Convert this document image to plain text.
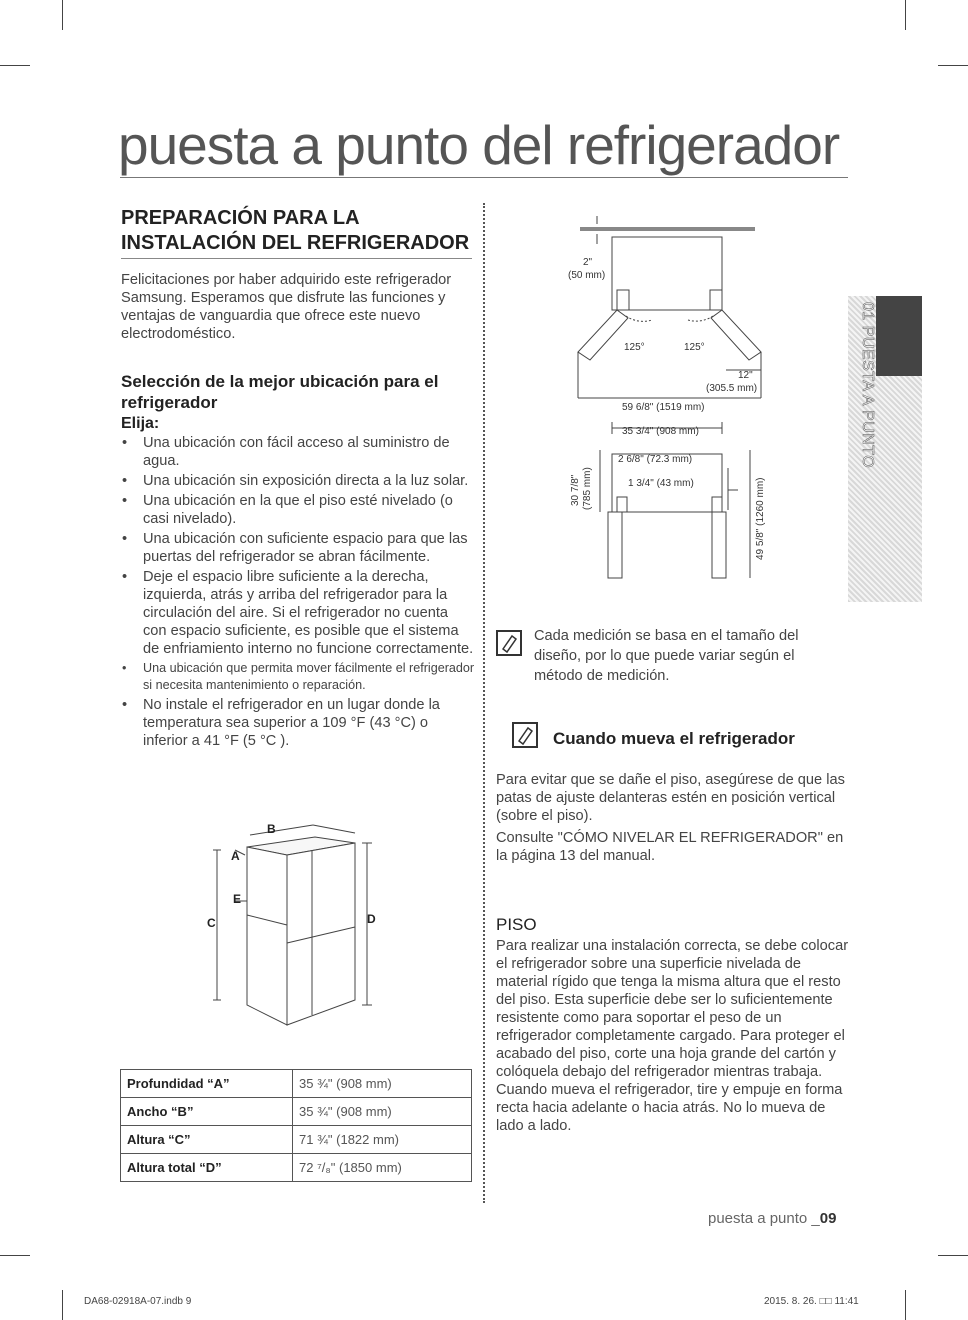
puesta a punto del refrigerador
01 PUESTA A PUNTO
PREPARACIÓN PARA LA INSTALACIÓN DEL REFRIGERADOR
Felicitaciones por haber adquirido este refrigerador Samsung. Esperamos que disfrute las funciones y ventajas de vanguardia que ofrece este nuevo electrodoméstico.
Selección de la mejor ubicación para el refrigerador
Elija:
• Una ubicación con fácil acceso al suministro de agua.
• Una ubicación sin exposición directa a la luz solar.
• Una ubicación en la que el piso esté nivelado (o casi nivelado).
• Una ubicación con suficiente espacio para que las puertas del refrigerador se abran fácilmente.
• Deje el espacio libre suficiente a la derecha, izquierda, atrás y arriba del refrigerador para la circulación del aire. Si el refrigerador no cuenta con espacio suficiente, es posible que el sistema de enfriamiento interno no funcione correctamente.
• Una ubicación que permita mover fácilmente el refrigerador si necesita mantenimiento o reparación.
• No instale el refrigerador en un lugar donde la temperatura sea superior a 109 °F (43 °C) o inferior a 41 °F (5 °C ).
B
A
E
C	D
Profundidad “A”	35 ¾" (908 mm)
Ancho “B”	35 ¾" (908 mm)
Altura “C”	71 ¾" (1822 mm)
Altura total “D”	72 ⁷/₈" (1850 mm)
2"
(50 mm)
125°	125°
12"
(305.5 mm)
59 6/8" (1519 mm)
35 3/4" (908 mm)
2 6/8" (72.3 mm)
1 3/4" (43 mm)
30 7/8" (785 mm)	49 5/8" (1260 mm)
Cada medición se basa en el tamaño del diseño, por lo que puede variar según el método de medición.
Cuando mueva el refrigerador
Para evitar que se dañe el piso, asegúrese de que las patas de ajuste delanteras estén en posición vertical (sobre el piso).
Consulte "CÓMO NIVELAR EL REFRIGERADOR" en la página 13 del manual.
PISO
Para realizar una instalación correcta, se debe colocar el refrigerador sobre una superficie nivelada de material rígido que tenga la misma altura que el resto del piso. Esta superficie debe ser lo suficientemente resistente como para soportar el peso de un refrigerador completamente cargado. Para proteger el acabado del piso, corte una hoja grande del cartón y colóquela debajo del refrigerador mientras trabaja. Cuando mueva el refrigerador, tire y empuje en forma recta hacia adelante o hacia atrás. No lo mueva de lado a lado.
puesta a punto _09
DA68-02918A-07.indb 9	2015. 8. 26. □□ 11:41
